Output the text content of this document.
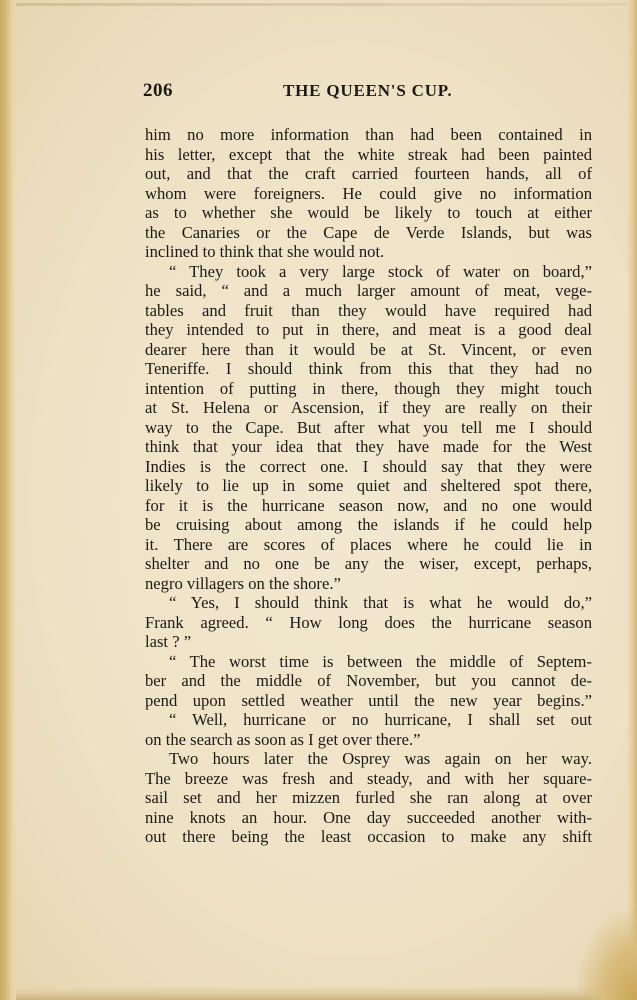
206	THE QUEEN'S CUP.
him no more information than had been contained in
his letter, except that the white streak had been painted
out, and that the craft carried fourteen hands, all of
whom were foreigners. He could give no information
as to whether she would be likely to touch at either
the Canaries or the Cape de Verde Islands, but was
inclined to think that she would not.
“ They took a very large stock of water on board,”
he said, “ and a much larger amount of meat, vege-
tables and fruit than they would have required had
they intended to put in there, and meat is a good deal
dearer here than it would be at St. Vincent, or even
Teneriffe. I should think from this that they had no
intention of putting in there, though they might touch
at St. Helena or Ascension, if they are really on their
way to the Cape. But after what you tell me I should
think that your idea that they have made for the West
Indies is the correct one. I should say that they were
likely to lie up in some quiet and sheltered spot there,
for it is the hurricane season now, and no one would
be cruising about among the islands if he could help
it. There are scores of places where he could lie in
shelter and no one be any the wiser, except, perhaps,
negro villagers on the shore.”
“ Yes, I should think that is what he would do,”
Frank agreed. “ How long does the hurricane season
last ? ”
“ The worst time is between the middle of Septem-
ber and the middle of November, but you cannot de-
pend upon settled weather until the new year begins.”
“ Well, hurricane or no hurricane, I shall set out
on the search as soon as I get over there.”
Two hours later the Osprey was again on her way.
The breeze was fresh and steady, and with her square-
sail set and her mizzen furled she ran along at over
nine knots an hour. One day succeeded another with-
out there being the least occasion to make any shift
